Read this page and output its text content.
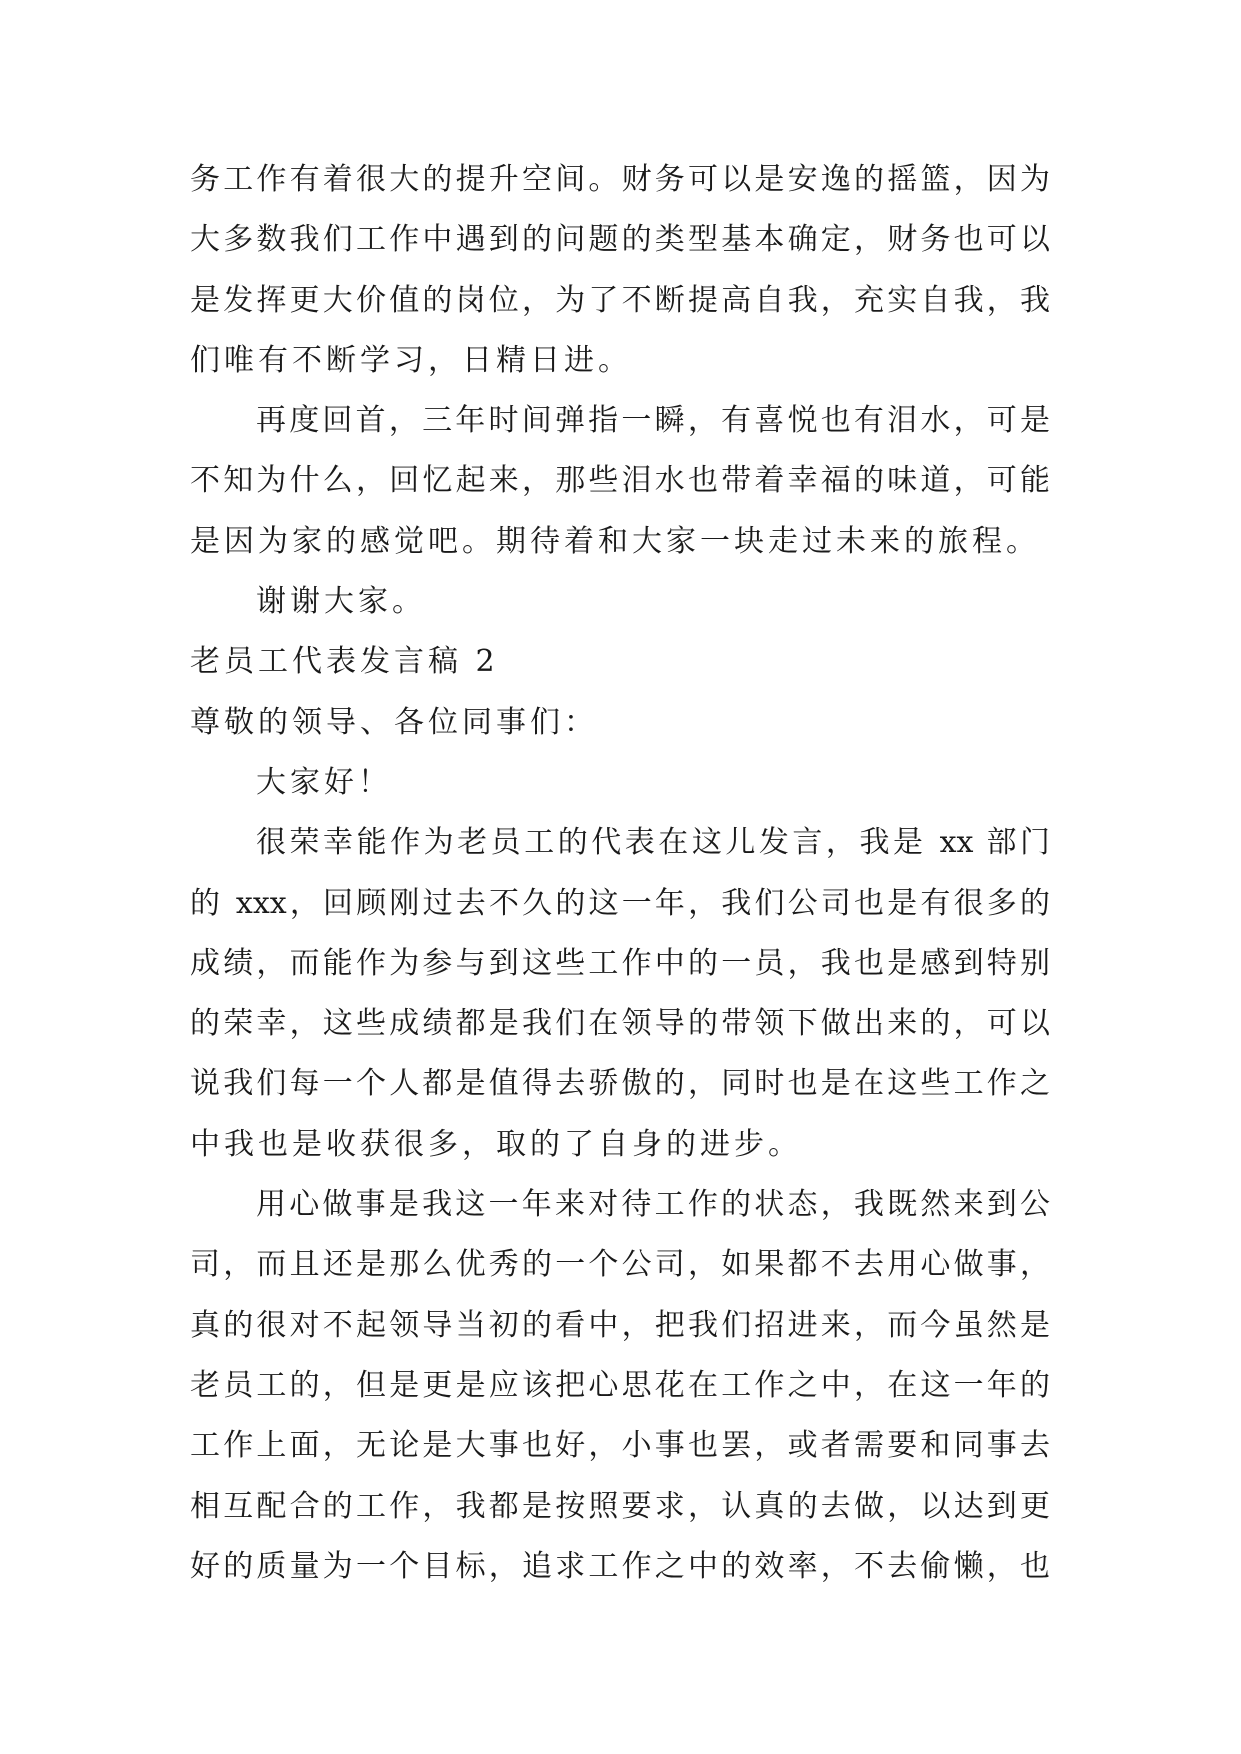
务工作有着很大的提升空间。财务可以是安逸的摇篮，因为
大多数我们工作中遇到的问题的类型基本确定，财务也可以
是发挥更大价值的岗位，为了不断提高自我，充实自我，我
们唯有不断学习，日精日进。
再度回首，三年时间弹指一瞬，有喜悦也有泪水，可是
不知为什么，回忆起来，那些泪水也带着幸福的味道，可能
是因为家的感觉吧。期待着和大家一块走过未来的旅程。
谢谢大家。
老员工代表发言稿 2
尊敬的领导、各位同事们：
大家好！
很荣幸能作为老员工的代表在这儿发言，我是 xx 部门
的 xxx，回顾刚过去不久的这一年，我们公司也是有很多的
成绩，而能作为参与到这些工作中的一员，我也是感到特别
的荣幸，这些成绩都是我们在领导的带领下做出来的，可以
说我们每一个人都是值得去骄傲的，同时也是在这些工作之
中我也是收获很多，取的了自身的进步。
用心做事是我这一年来对待工作的状态，我既然来到公
司，而且还是那么优秀的一个公司，如果都不去用心做事，
真的很对不起领导当初的看中，把我们招进来，而今虽然是
老员工的，但是更是应该把心思花在工作之中，在这一年的
工作上面，无论是大事也好，小事也罢，或者需要和同事去
相互配合的工作，我都是按照要求，认真的去做，以达到更
好的质量为一个目标，追求工作之中的效率，不去偷懒，也
